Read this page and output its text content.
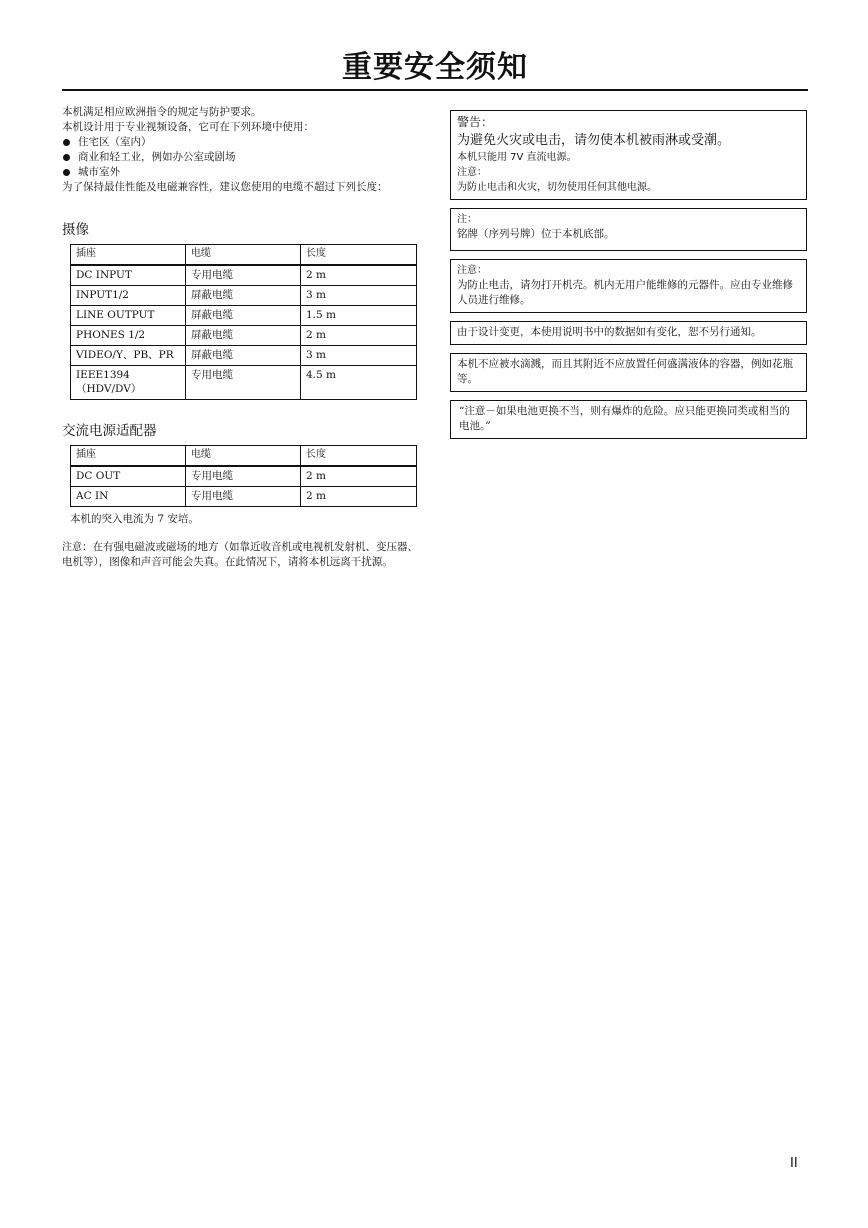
重要安全须知

本机满足相应欧洲指令的规定与防护要求。

本机设计用于专业视频设备，它可在下列环境中使用：

住宅区（室内）
商业和轻工业，例如办公室或剧场
城市室外

为了保持最佳性能及电磁兼容性，建议您使用的电缆不超过下列长度：

摄像
插座	电缆	长度
DC INPUT	专用电缆	2 m
INPUT1/2	屏蔽电缆	3 m
LINE OUTPUT	屏蔽电缆	1.5 m
PHONES 1/2	屏蔽电缆	2 m
VIDEO/Y、PB、PR	屏蔽电缆	3 m
IEEE1394
（HDV/DV）	专用电缆	4.5 m
交流电源适配器
插座	电缆	长度
DC OUT	专用电缆	2 m
AC IN	专用电缆	2 m
本机的突入电流为 7 安培。
注意：在有强电磁波或磁场的地方（如靠近收音机或电视机发射机、变压器、电机等），图像和声音可能会失真。在此情况下，请将本机远离干扰源。
警告：
为避免火灾或电击，请勿使本机被雨淋或受潮。
本机只能用 7V 直流电源。
注意：
为防止电击和火灾，切勿使用任何其他电源。
注：
铭牌（序列号牌）位于本机底部。
注意：
为防止电击，请勿打开机壳。机内无用户能维修的元器件。应由专业维修人员进行维修。
由于设计变更，本使用说明书中的数据如有变化，恕不另行通知。
本机不应被水滴溅，而且其附近不应放置任何盛满液体的容器，例如花瓶等。
“注意－如果电池更换不当，则有爆炸的危险。应只能更换同类或相当的电池。”
II
